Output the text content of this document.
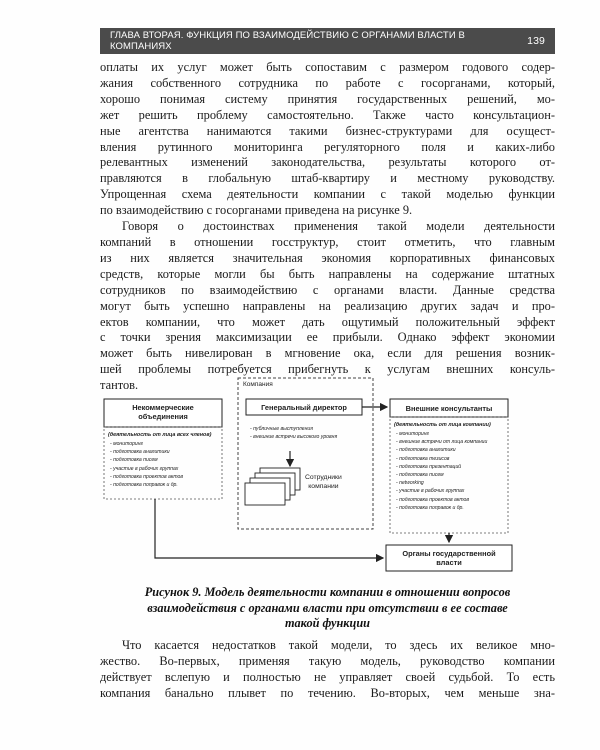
ГЛАВА ВТОРАЯ. ФУНКЦИЯ ПО ВЗАИМОДЕЙСТВИЮ С ОРГАНАМИ ВЛАСТИ В КОМПАНИЯХ	139
оплаты их услуг может быть сопоставим с размером годового содер-
жания собственного сотрудника по работе с госорганами, который,
хорошо понимая систему принятия государственных решений, мо-
жет решить проблему самостоятельно. Также часто консультацион-
ные агентства нанимаются такими бизнес-структурами для осущест-
вления рутинного мониторинга регуляторного поля и каких-либо
релевантных изменений законодательства, результаты которого от-
правляются в глобальную штаб-квартиру и местному руководству.
Упрощенная схема деятельности компании с такой моделью функции
по взаимодействию с госорганами приведена на рисунке 9.
Говоря о достоинствах применения такой модели деятельности
компаний в отношении госструктур, стоит отметить, что главным
из них является значительная экономия корпоративных финансовых
средств, которые могли бы быть направлены на содержание штатных
сотрудников по взаимодействию с органами власти. Данные средства
могут быть успешно направлены на реализацию других задач и про-
ектов компании, что может дать ощутимый положительный эффект
с точки зрения максимизации ее прибыли. Однако эффект экономии
может быть нивелирован в мгновение ока, если для решения возник-
шей проблемы потребуется прибегнуть к услугам внешних консуль-
тантов.	Компания
Некоммерческие
объединения
(деятельность от лица всех членов)
- мониторинг
- подготовка аналитики
- подготовка писем
- участие в рабочих группах
- подготовка проектов актов
- подготовка поправок и др.
Генеральный директор
- публичные выступления
- внешние встречи высокого уровня
Сотрудники
компании
Внешние консультанты
(деятельность от лица компании)
- мониторинг
- внешние встречи от лица компании
- подготовка аналитики
- подготовка тезисов
- подготовка презентаций
- подготовка писем
- networking
- участие в рабочих группах
- подготовка проектов актов
- подготовка поправок и др.
Органы государственной
власти
Рисунок 9. Модель деятельности компании в отношении вопросов
взаимодействия с органами власти при отсутствии в ее составе
такой функции
Что касается недостатков такой модели, то здесь их великое мно-
жество. Во-первых, применяя такую модель, руководство компании
действует вслепую и полностью не управляет своей судьбой. То есть
компания банально плывет по течению. Во-вторых, чем меньше зна-
